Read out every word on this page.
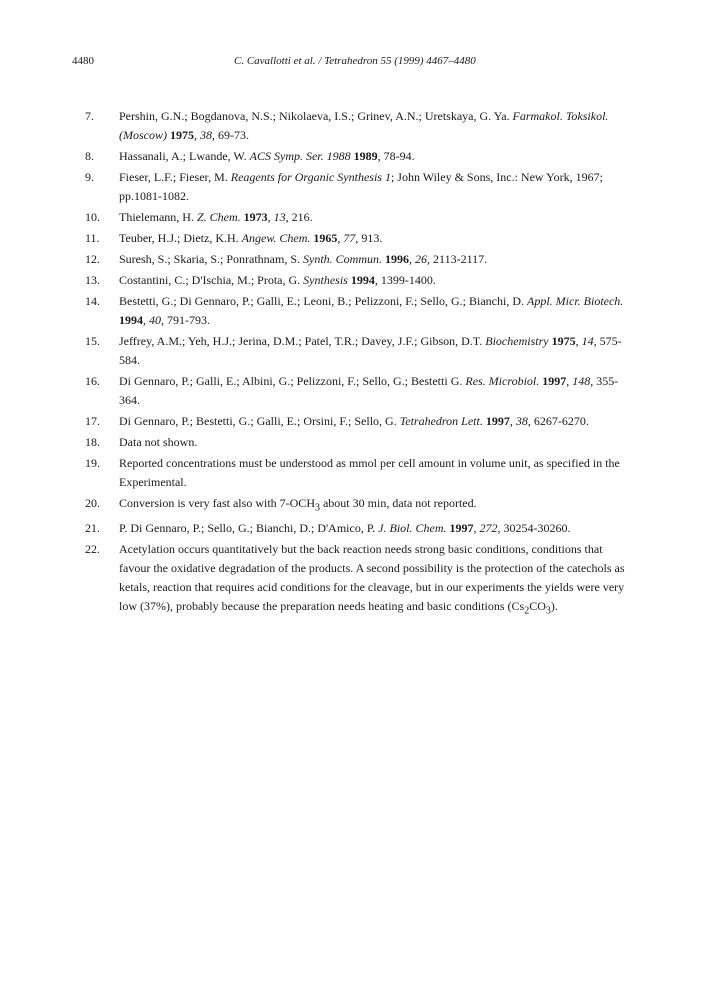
4480	C. Cavallotti et al. / Tetrahedron 55 (1999) 4467–4480
7. Pershin, G.N.; Bogdanova, N.S.; Nikolaeva, I.S.; Grinev, A.N.; Uretskaya, G. Ya. Farmakol. Toksikol. (Moscow) 1975, 38, 69-73.
8. Hassanali, A.; Lwande, W. ACS Symp. Ser. 1988 1989, 78-94.
9. Fieser, L.F.; Fieser, M. Reagents for Organic Synthesis 1; John Wiley & Sons, Inc.: New York, 1967; pp.1081-1082.
10. Thielemann, H. Z. Chem. 1973, 13, 216.
11. Teuber, H.J.; Dietz, K.H. Angew. Chem. 1965, 77, 913.
12. Suresh, S.; Skaria, S.; Ponrathnam, S. Synth. Commun. 1996, 26, 2113-2117.
13. Costantini, C.; D'Ischia, M.; Prota, G. Synthesis 1994, 1399-1400.
14. Bestetti, G.; Di Gennaro, P.; Galli, E.; Leoni, B.; Pelizzoni, F.; Sello, G.; Bianchi, D. Appl. Micr. Biotech. 1994, 40, 791-793.
15. Jeffrey, A.M.; Yeh, H.J.; Jerina, D.M.; Patel, T.R.; Davey, J.F.; Gibson, D.T. Biochemistry 1975, 14, 575-584.
16. Di Gennaro, P.; Galli, E.; Albini, G.; Pelizzoni, F.; Sello, G.; Bestetti G. Res. Microbiol. 1997, 148, 355-364.
17. Di Gennaro, P.; Bestetti, G.; Galli, E.; Orsini, F.; Sello, G. Tetrahedron Lett. 1997, 38, 6267-6270.
18. Data not shown.
19. Reported concentrations must be understood as mmol per cell amount in volume unit, as specified in the Experimental.
20. Conversion is very fast also with $7-OCH_3$ about 30 min, data not reported.
21. P. Di Gennaro, P.; Sello, G.; Bianchi, D.; D'Amico, P. J. Biol. Chem. 1997, 272, 30254-30260.
22. Acetylation occurs quantitatively but the back reaction needs strong basic conditions, conditions that favour the oxidative degradation of the products. A second possibility is the protection of the catechols as ketals, reaction that requires acid conditions for the cleavage, but in our experiments the yields were very low (37%), probably because the preparation needs heating and basic conditions $(Cs_2CO_3)$.
